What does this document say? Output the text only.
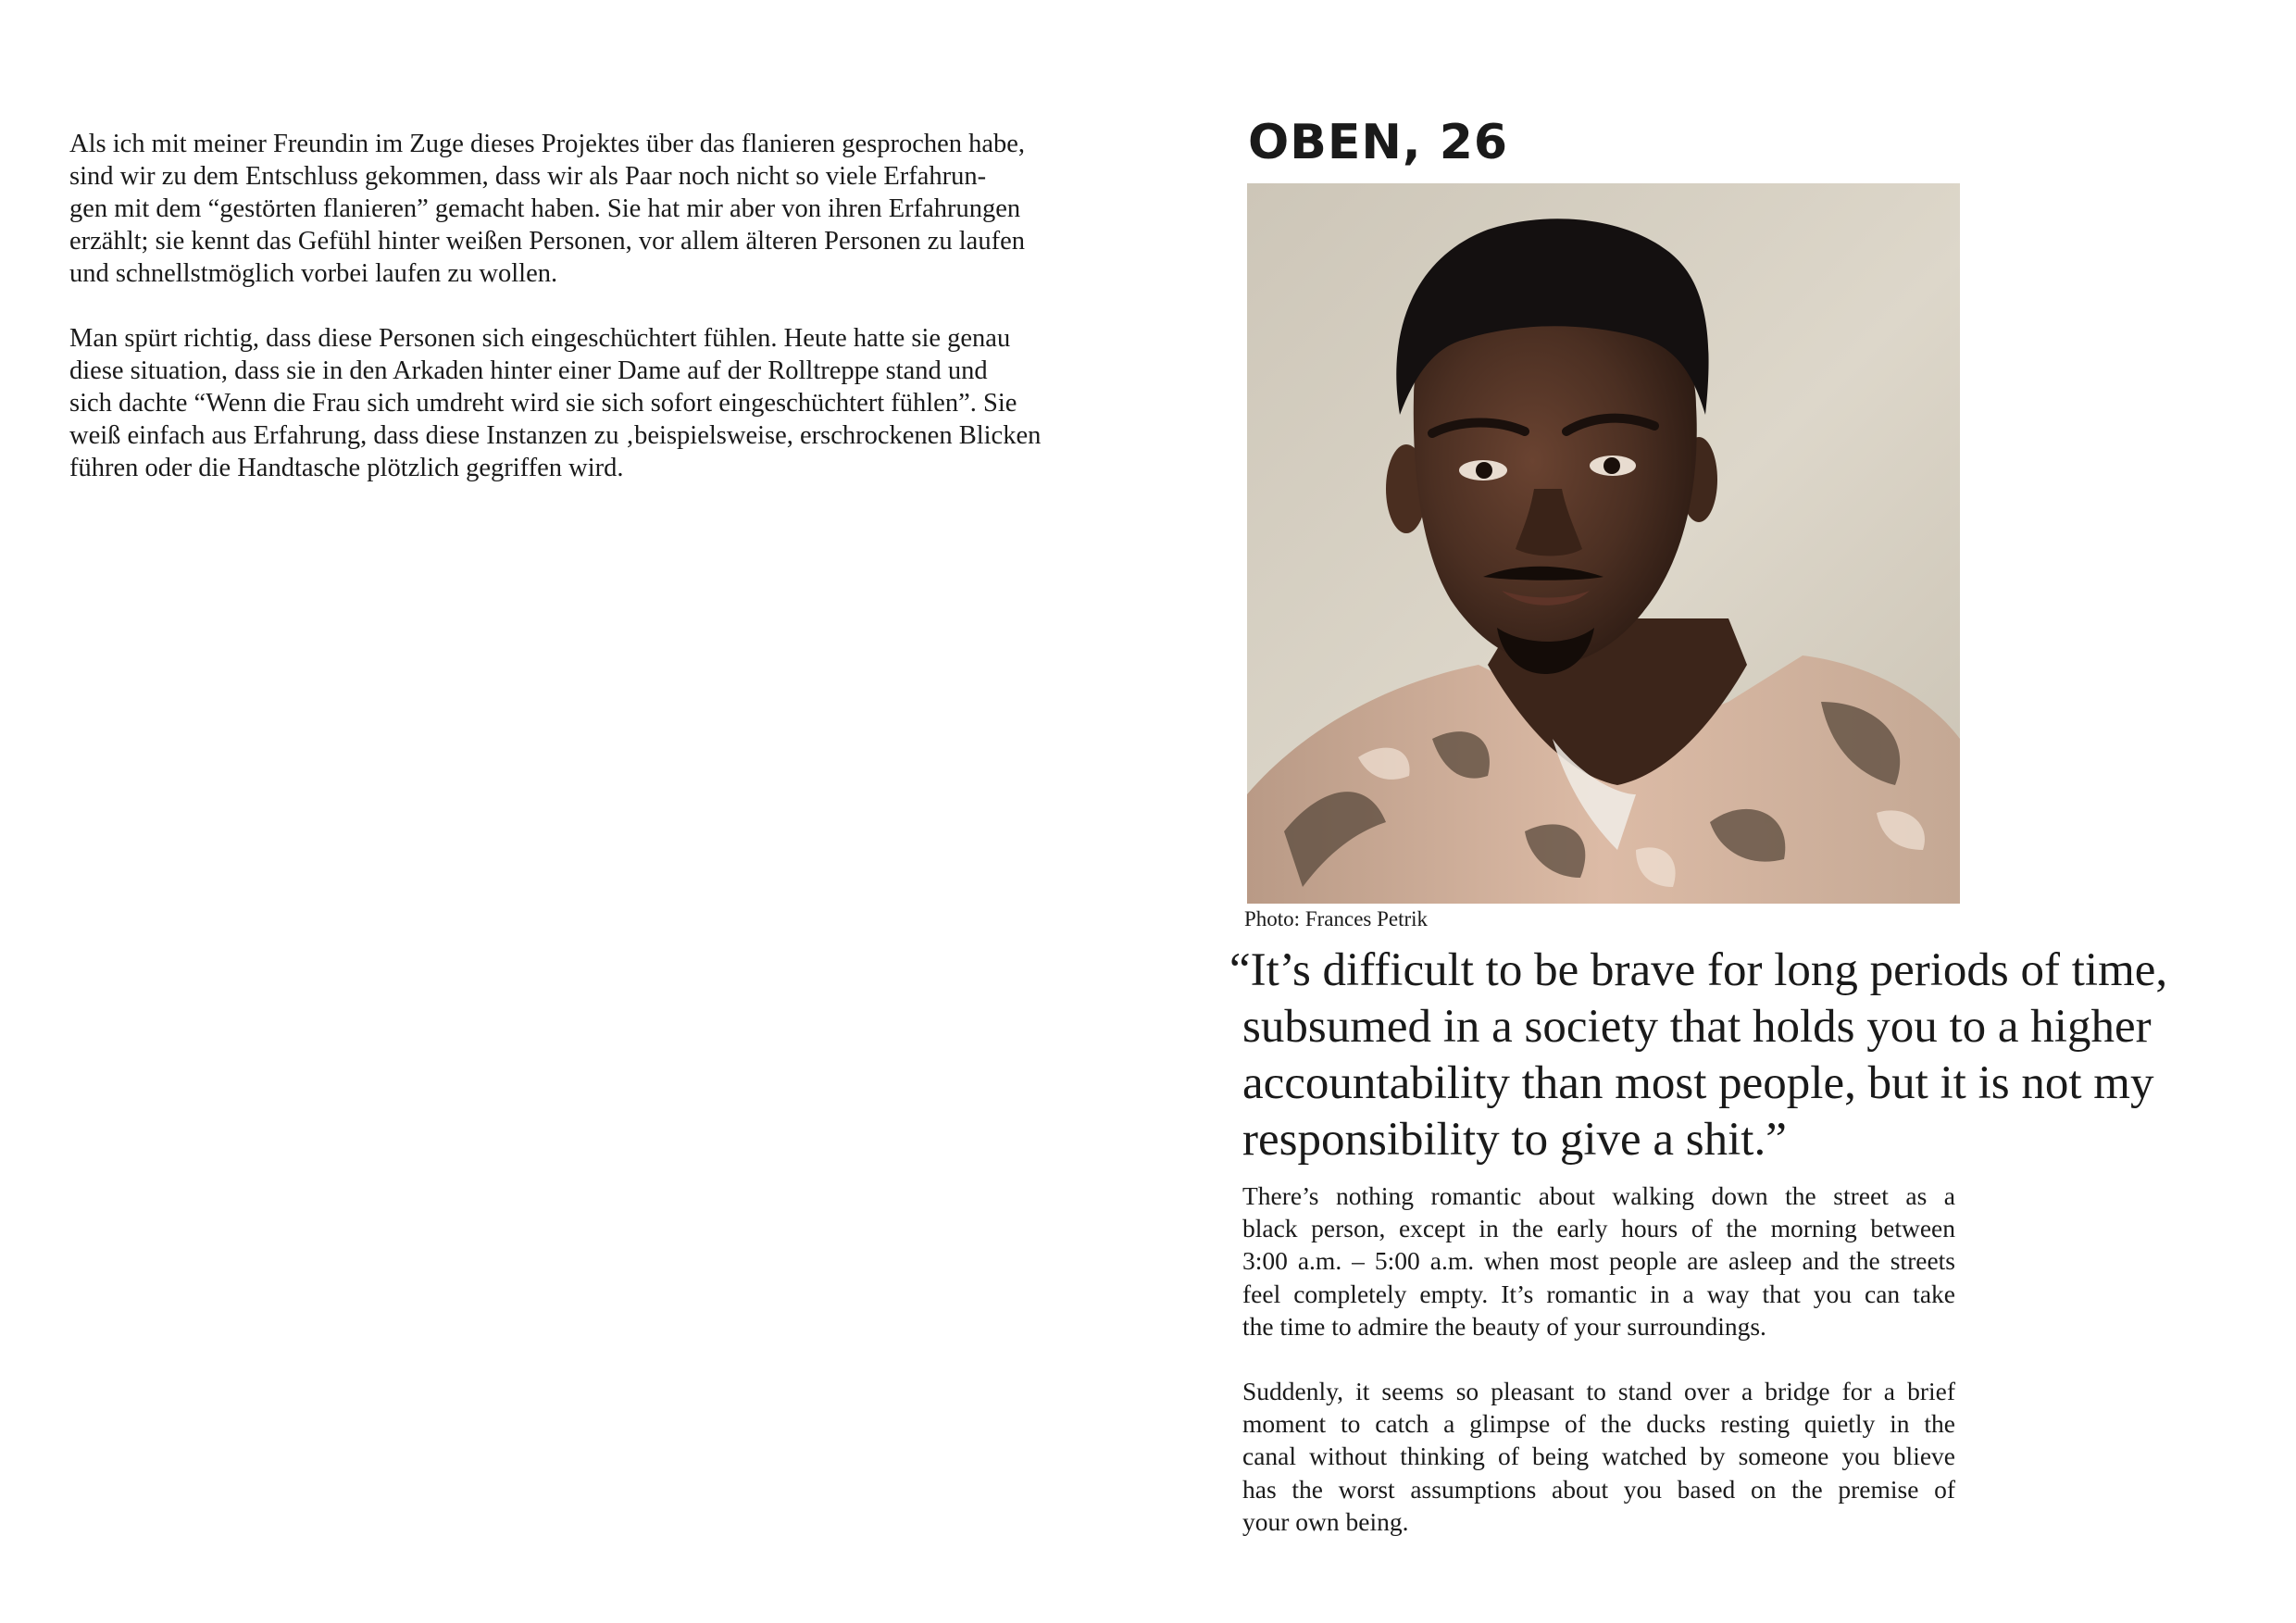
Als ich mit meiner Freundin im Zuge dieses Projektes über das flanieren gesprochen habe,
sind wir zu dem Entschluss gekommen, dass wir als Paar noch nicht so viele Erfahrun-
gen mit dem “gestörten flanieren” gemacht haben. Sie hat mir aber von ihren Erfahrungen
erzählt; sie kennt das Gefühl hinter weißen Personen, vor allem älteren Personen zu laufen
und schnellstmöglich vorbei laufen zu wollen.

Man spürt richtig, dass diese Personen sich eingeschüchtert fühlen. Heute hatte sie genau
diese situation, dass sie in den Arkaden hinter einer Dame auf der Rolltreppe stand und
sich dachte “Wenn die Frau sich umdreht wird sie sich sofort eingeschüchtert fühlen”. Sie
weiß einfach aus Erfahrung, dass diese Instanzen zu ‚beispielsweise, erschrockenen Blicken
führen oder die Handtasche plötzlich gegriffen wird.

OBEN, 26
Photo: Frances Petrik
“It’s difficult to be brave for long periods of time,
subsumed in a society that holds you to a higher
accountability than most people, but it is not my
responsibility to give a shit.”

There’s nothing romantic about walking down the street as a
black person, except in the early hours of the morning between
3:00 a.m. – 5:00 a.m. when most people are asleep and the streets
feel completely empty. It’s romantic in a way that you can take
the time to admire the beauty of your surroundings.

Suddenly, it seems so pleasant to stand over a bridge for a brief
moment to catch a glimpse of the ducks resting quietly in the
canal without thinking of being watched by someone you blieve
has the worst assumptions about you based on the premise of
your own being.
